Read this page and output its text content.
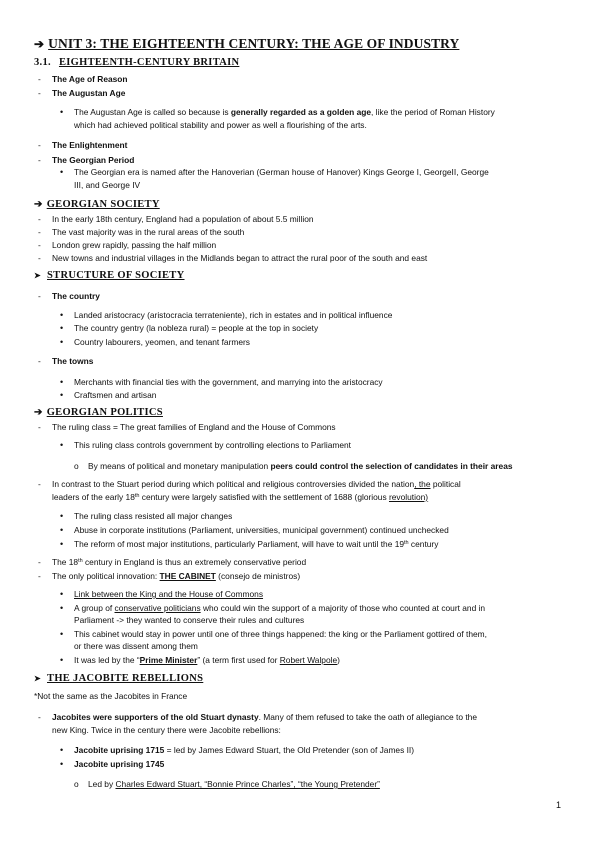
➔ UNIT 3: THE EIGHTEENTH CENTURY: THE AGE OF INDUSTRY
3.1. EIGHTEENTH-CENTURY BRITAIN
- The Age of Reason
- The Augustan Age
• The Augustan Age is called so because is generally regarded as a golden age, like the period of Roman History
which had achieved political stability and power as well a flourishing of the arts.
- The Enlightenment
- The Georgian Period
• The Georgian era is named after the Hanoverian (German house of Hanover) Kings George I, GeorgeII, George
III, and George IV
➔ GEORGIAN SOCIETY
- In the early 18th century, England had a population of about 5.5 million
- The vast majority was in the rural areas of the south
- London grew rapidly, passing the half million
- New towns and industrial villages in the Midlands began to attract the rural poor of the south and east
➤ STRUCTURE OF SOCIETY
- The country
• Landed aristocracy (aristocracia terrateniente), rich in estates and in political influence
• The country gentry (la nobleza rural) = people at the top in society
• Country labourers, yeomen, and tenant farmers
- The towns
• Merchants with financial ties with the government, and marrying into the aristocracy
• Craftsmen and artisan
➔ GEORGIAN POLITICS
- The ruling class = The great families of England and the House of Commons
• This ruling class controls government by controlling elections to Parliament
o By means of political and monetary manipulation peers could control the selection of candidates in their areas
- In contrast to the Stuart period during which political and religious controversies divided the nation, the political
leaders of the early 18th century were largely satisfied with the settlement of 1688 (glorious revolution)
• The ruling class resisted all major changes
• Abuse in corporate institutions (Parliament, universities, municipal government) continued unchecked
• The reform of most major institutions, particularly Parliament, will have to wait until the 19th century
- The 18th century in England is thus an extremely conservative period
- The only political innovation: THE CABINET (consejo de ministros)
• Link between the King and the House of Commons
• A group of conservative politicians who could win the support of a majority of those who counted at court and in
Parliament -> they wanted to conserve their rules and cultures
• This cabinet would stay in power until one of three things happened: the king or the Parliament gottired of them,
or there was dissent among them
• It was led by the “Prime Minister” (a term first used for Robert Walpole)
➤ THE JACOBITE REBELLIONS
*Not the same as the Jacobites in France
- Jacobites were supporters of the old Stuart dynasty. Many of them refused to take the oath of allegiance to the
new King. Twice in the century there were Jacobite rebellions:
• Jacobite uprising 1715 = led by James Edward Stuart, the Old Pretender (son of James II)
• Jacobite uprising 1745
o Led by Charles Edward Stuart, “Bonnie Prince Charles”, “the Young Pretender”
1
